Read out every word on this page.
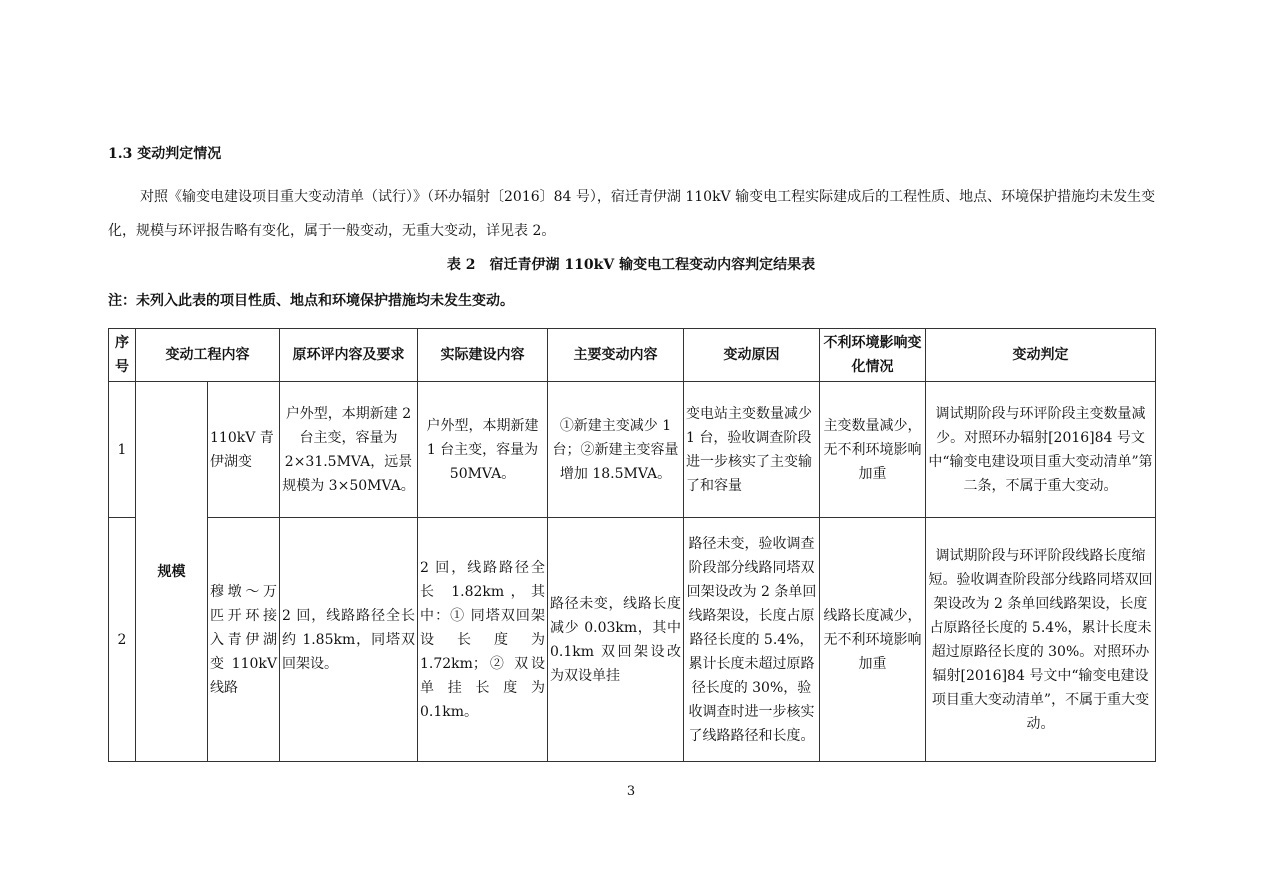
1.3 变动判定情况
对照《输变电建设项目重大变动清单（试行）》（环办辐射〔2016〕84 号），宿迁青伊湖 110kV 输变电工程实际建成后的工程性质、地点、环境保护措施均未发生变化，规模与环评报告略有变化，属于一般变动，无重大变动，详见表 2。
表 2　宿迁青伊湖 110kV 输变电工程变动内容判定结果表
注：未列入此表的项目性质、地点和环境保护措施均未发生变动。
序号	变动工程内容		原环评内容及要求	实际建设内容	主要变动内容	变动原因	不利环境影响变化情况	变动判定
1	规模	110kV 青伊湖变	户外型，本期新建 2 台主变，容量为 2×31.5MVA，远景规模为 3×50MVA。	户外型，本期新建 1 台主变，容量为 50MVA。	①新建主变减少 1 台；②新建主变容量增加 18.5MVA。	变电站主变数量减少 1 台，验收调查阶段进一步核实了主变输了和容量	主变数量减少，无不利环境影响加重	调试期阶段与环评阶段主变数量减少。对照环办辐射[2016]84 号文中“输变电建设项目重大变动清单”第二条，不属于重大变动。
2		穆墩～万匹开环接入青伊湖变 110kV 线路	2 回，线路路径全长约 1.85km，同塔双回架设。	2 回，线路路径全长 1.82km，其中：① 同塔双回架设长度为 1.72km；② 双设单挂长度为 0.1km。	路径未变，线路长度减少 0.03km，其中 0.1km 双回架设改为双设单挂	路径未变，验收调查阶段部分线路同塔双回架设改为 2 条单回线路架设，长度占原路径长度的 5.4%，累计长度未超过原路径长度的 30%，验收调查时进一步核实了线路路径和长度。	线路长度减少，无不利环境影响加重	调试期阶段与环评阶段线路长度缩短。验收调查阶段部分线路同塔双回架设改为 2 条单回线路架设，长度占原路径长度的 5.4%，累计长度未超过原路径长度的 30%。对照环办辐射[2016]84 号文中“输变电建设项目重大变动清单”，不属于重大变动。
3
